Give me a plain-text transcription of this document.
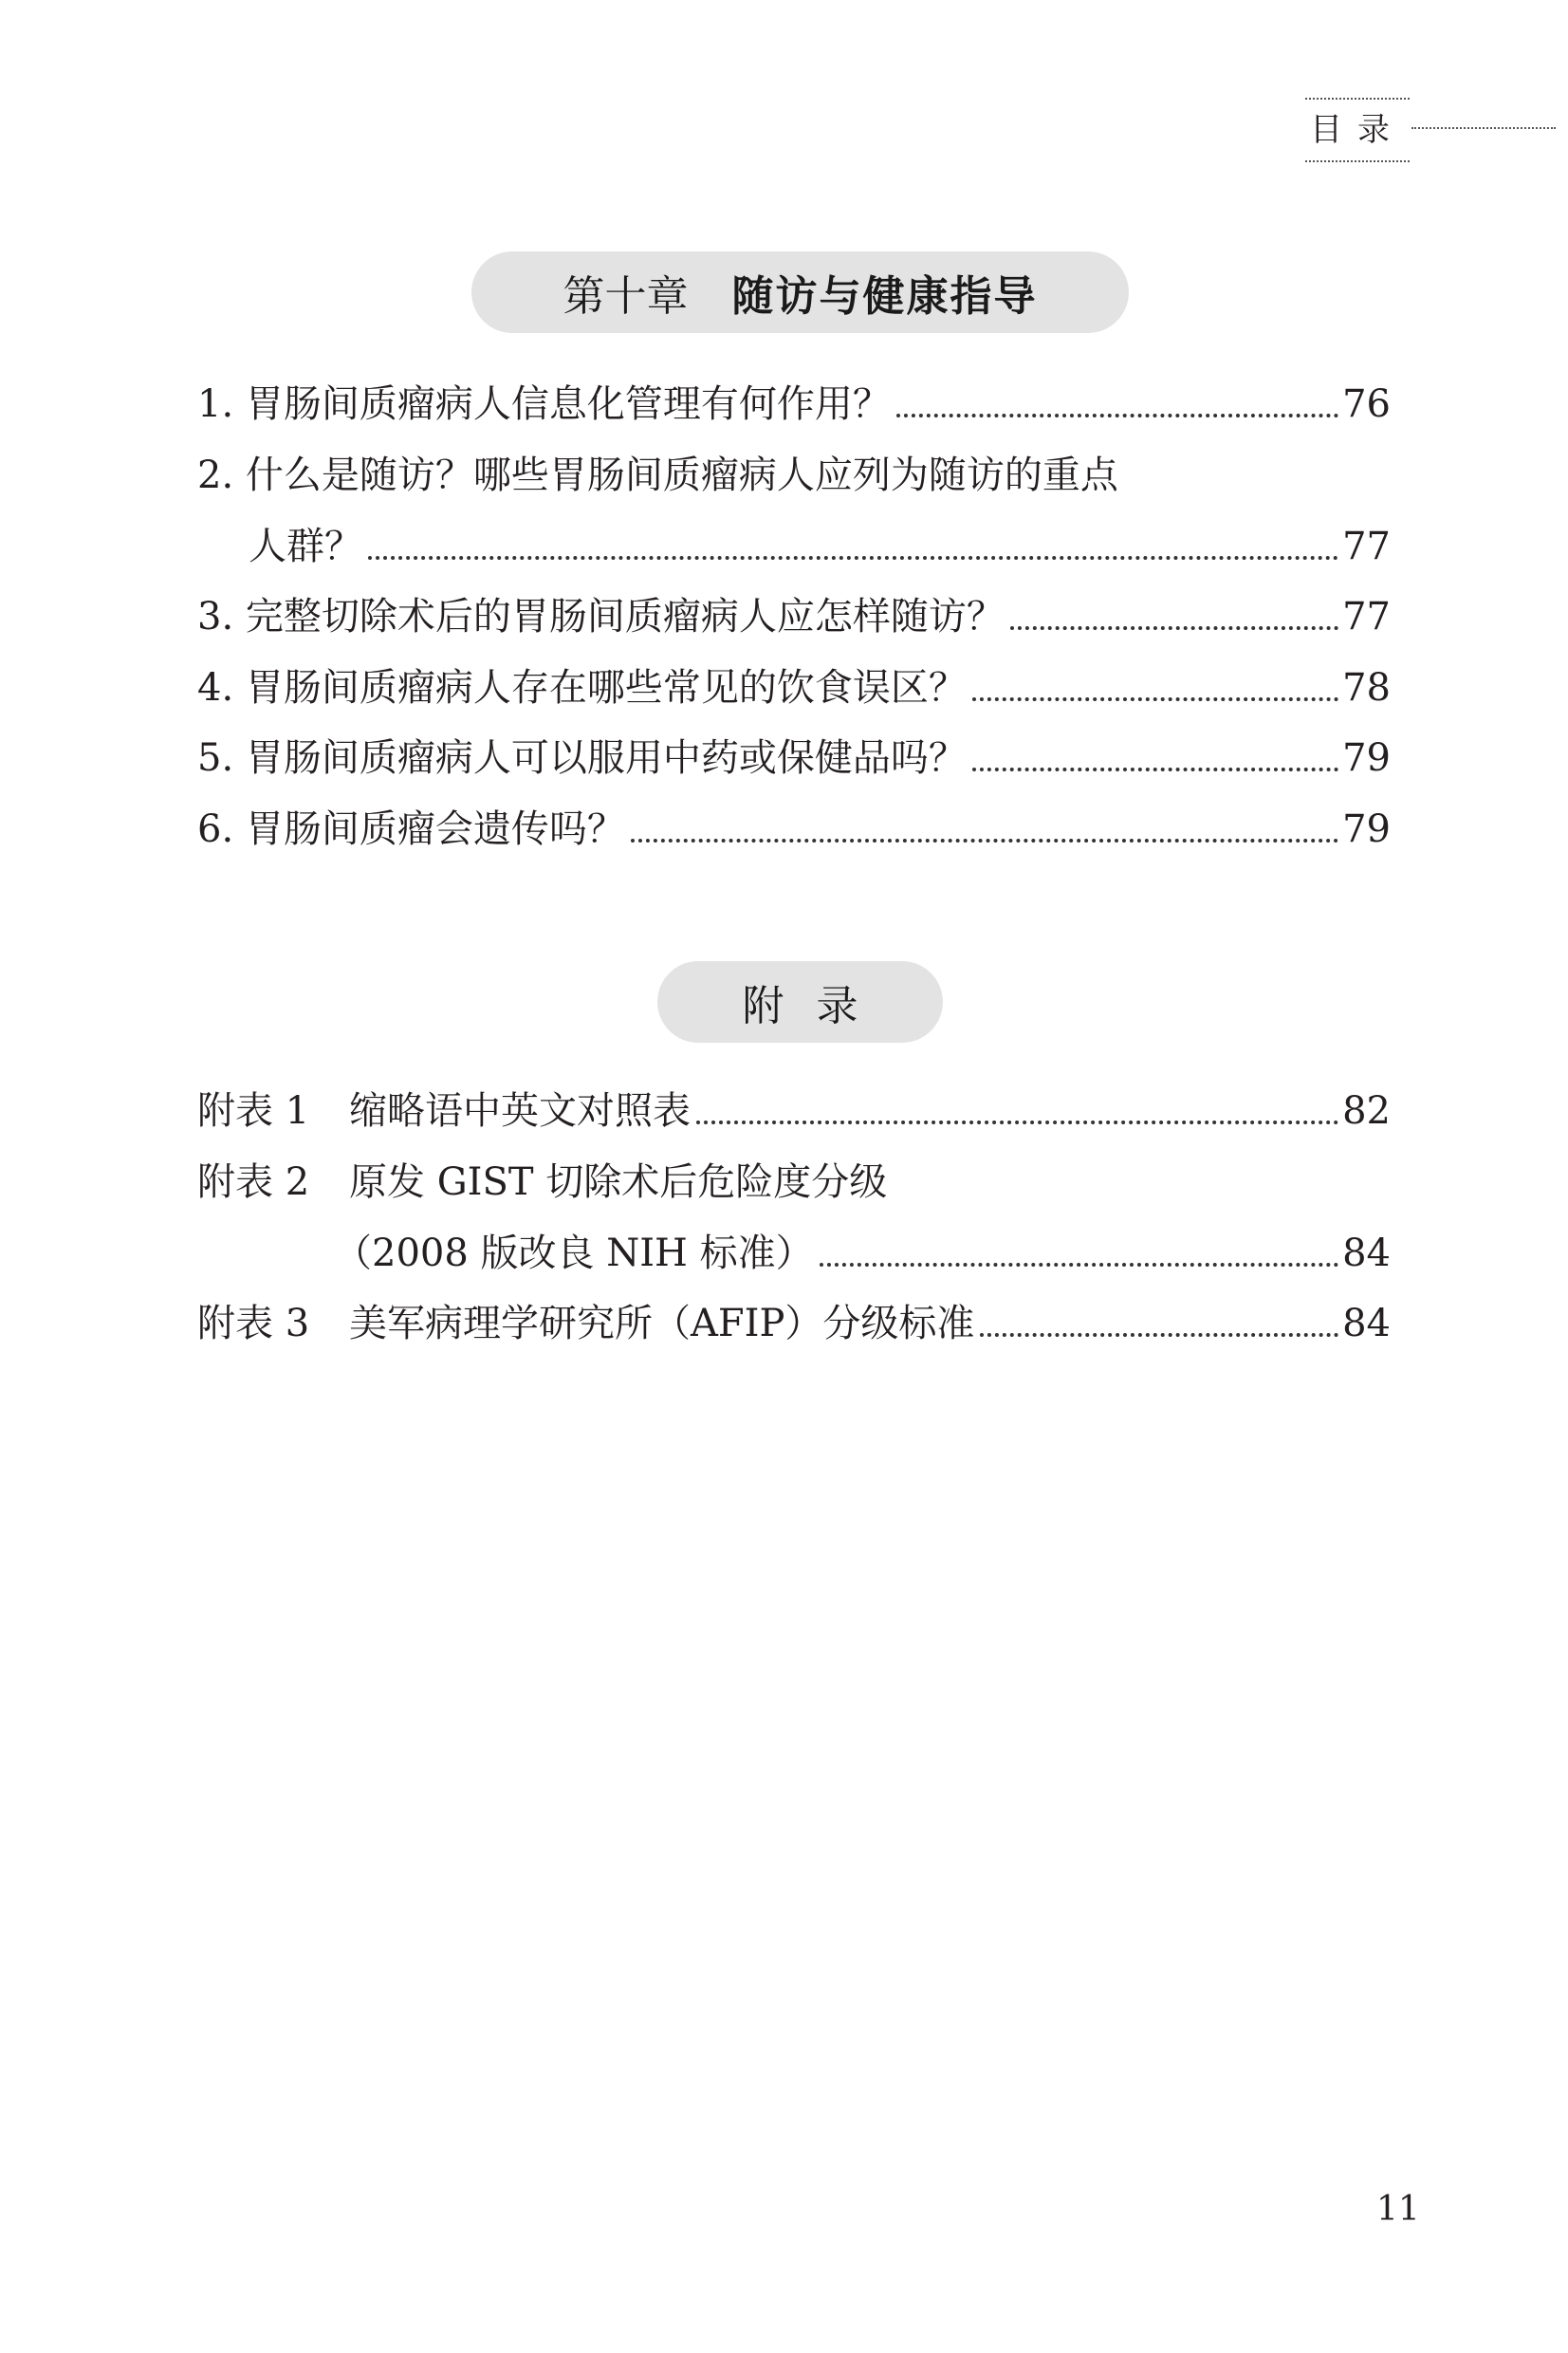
目录
第十章 随访与健康指导
1. 胃肠间质瘤病人信息化管理有何作用？	76
2. 什么是随访？哪些胃肠间质瘤病人应列为随访的重点
人群？	77
3. 完整切除术后的胃肠间质瘤病人应怎样随访？	77
4. 胃肠间质瘤病人存在哪些常见的饮食误区？	78
5. 胃肠间质瘤病人可以服用中药或保健品吗？	79
6. 胃肠间质瘤会遗传吗？	79
附录
附表 1 缩略语中英文对照表	82
附表 2 原发 GIST 切除术后危险度分级
（2008 版改良 NIH 标准）	84
附表 3 美军病理学研究所（AFIP）分级标准	84
11
